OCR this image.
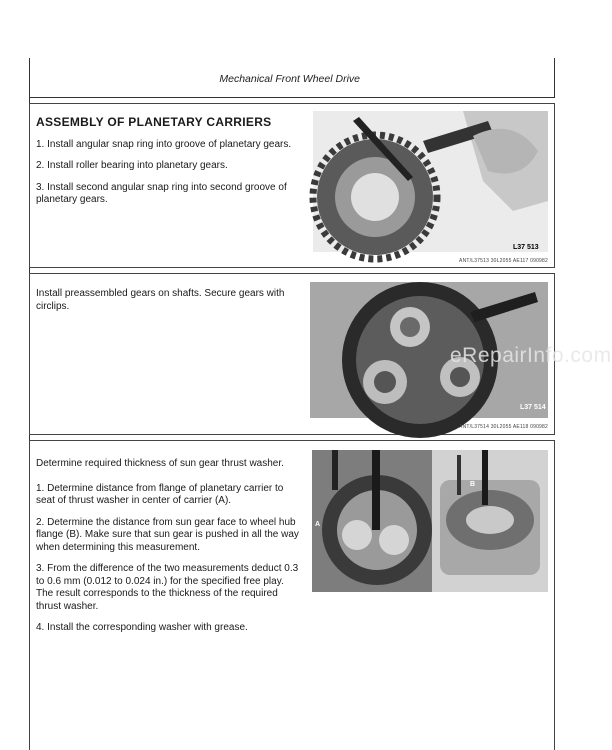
Mechanical Front Wheel Drive
ASSEMBLY OF PLANETARY CARRIERS

1. Install angular snap ring into groove of planetary gears.

2. Install roller bearing into planetary gears.

3. Install second angular snap ring into second groove of planetary gears.

L37 513
ANT/L37513 30L2055 AE117 090982

Install preassembled gears on shafts. Secure gears with circlips.

L37 514
ANT/L37514 30L2055 AE118 090982
eRepairInfo.com

Determine required thickness of sun gear thrust washer.

1. Determine distance from flange of planetary carrier to seat of thrust washer in center of carrier (A).

2. Determine the distance from sun gear face to wheel hub flange (B). Make sure that sun gear is pushed in all the way when determining this measurement.

3. From the difference of the two measurements deduct 0.3 to 0.6 mm (0.012 to 0.024 in.) for the specified free play. The result corresponds to the thickness of the required thrust washer.

4. Install the corresponding washer with grease.

A
B
